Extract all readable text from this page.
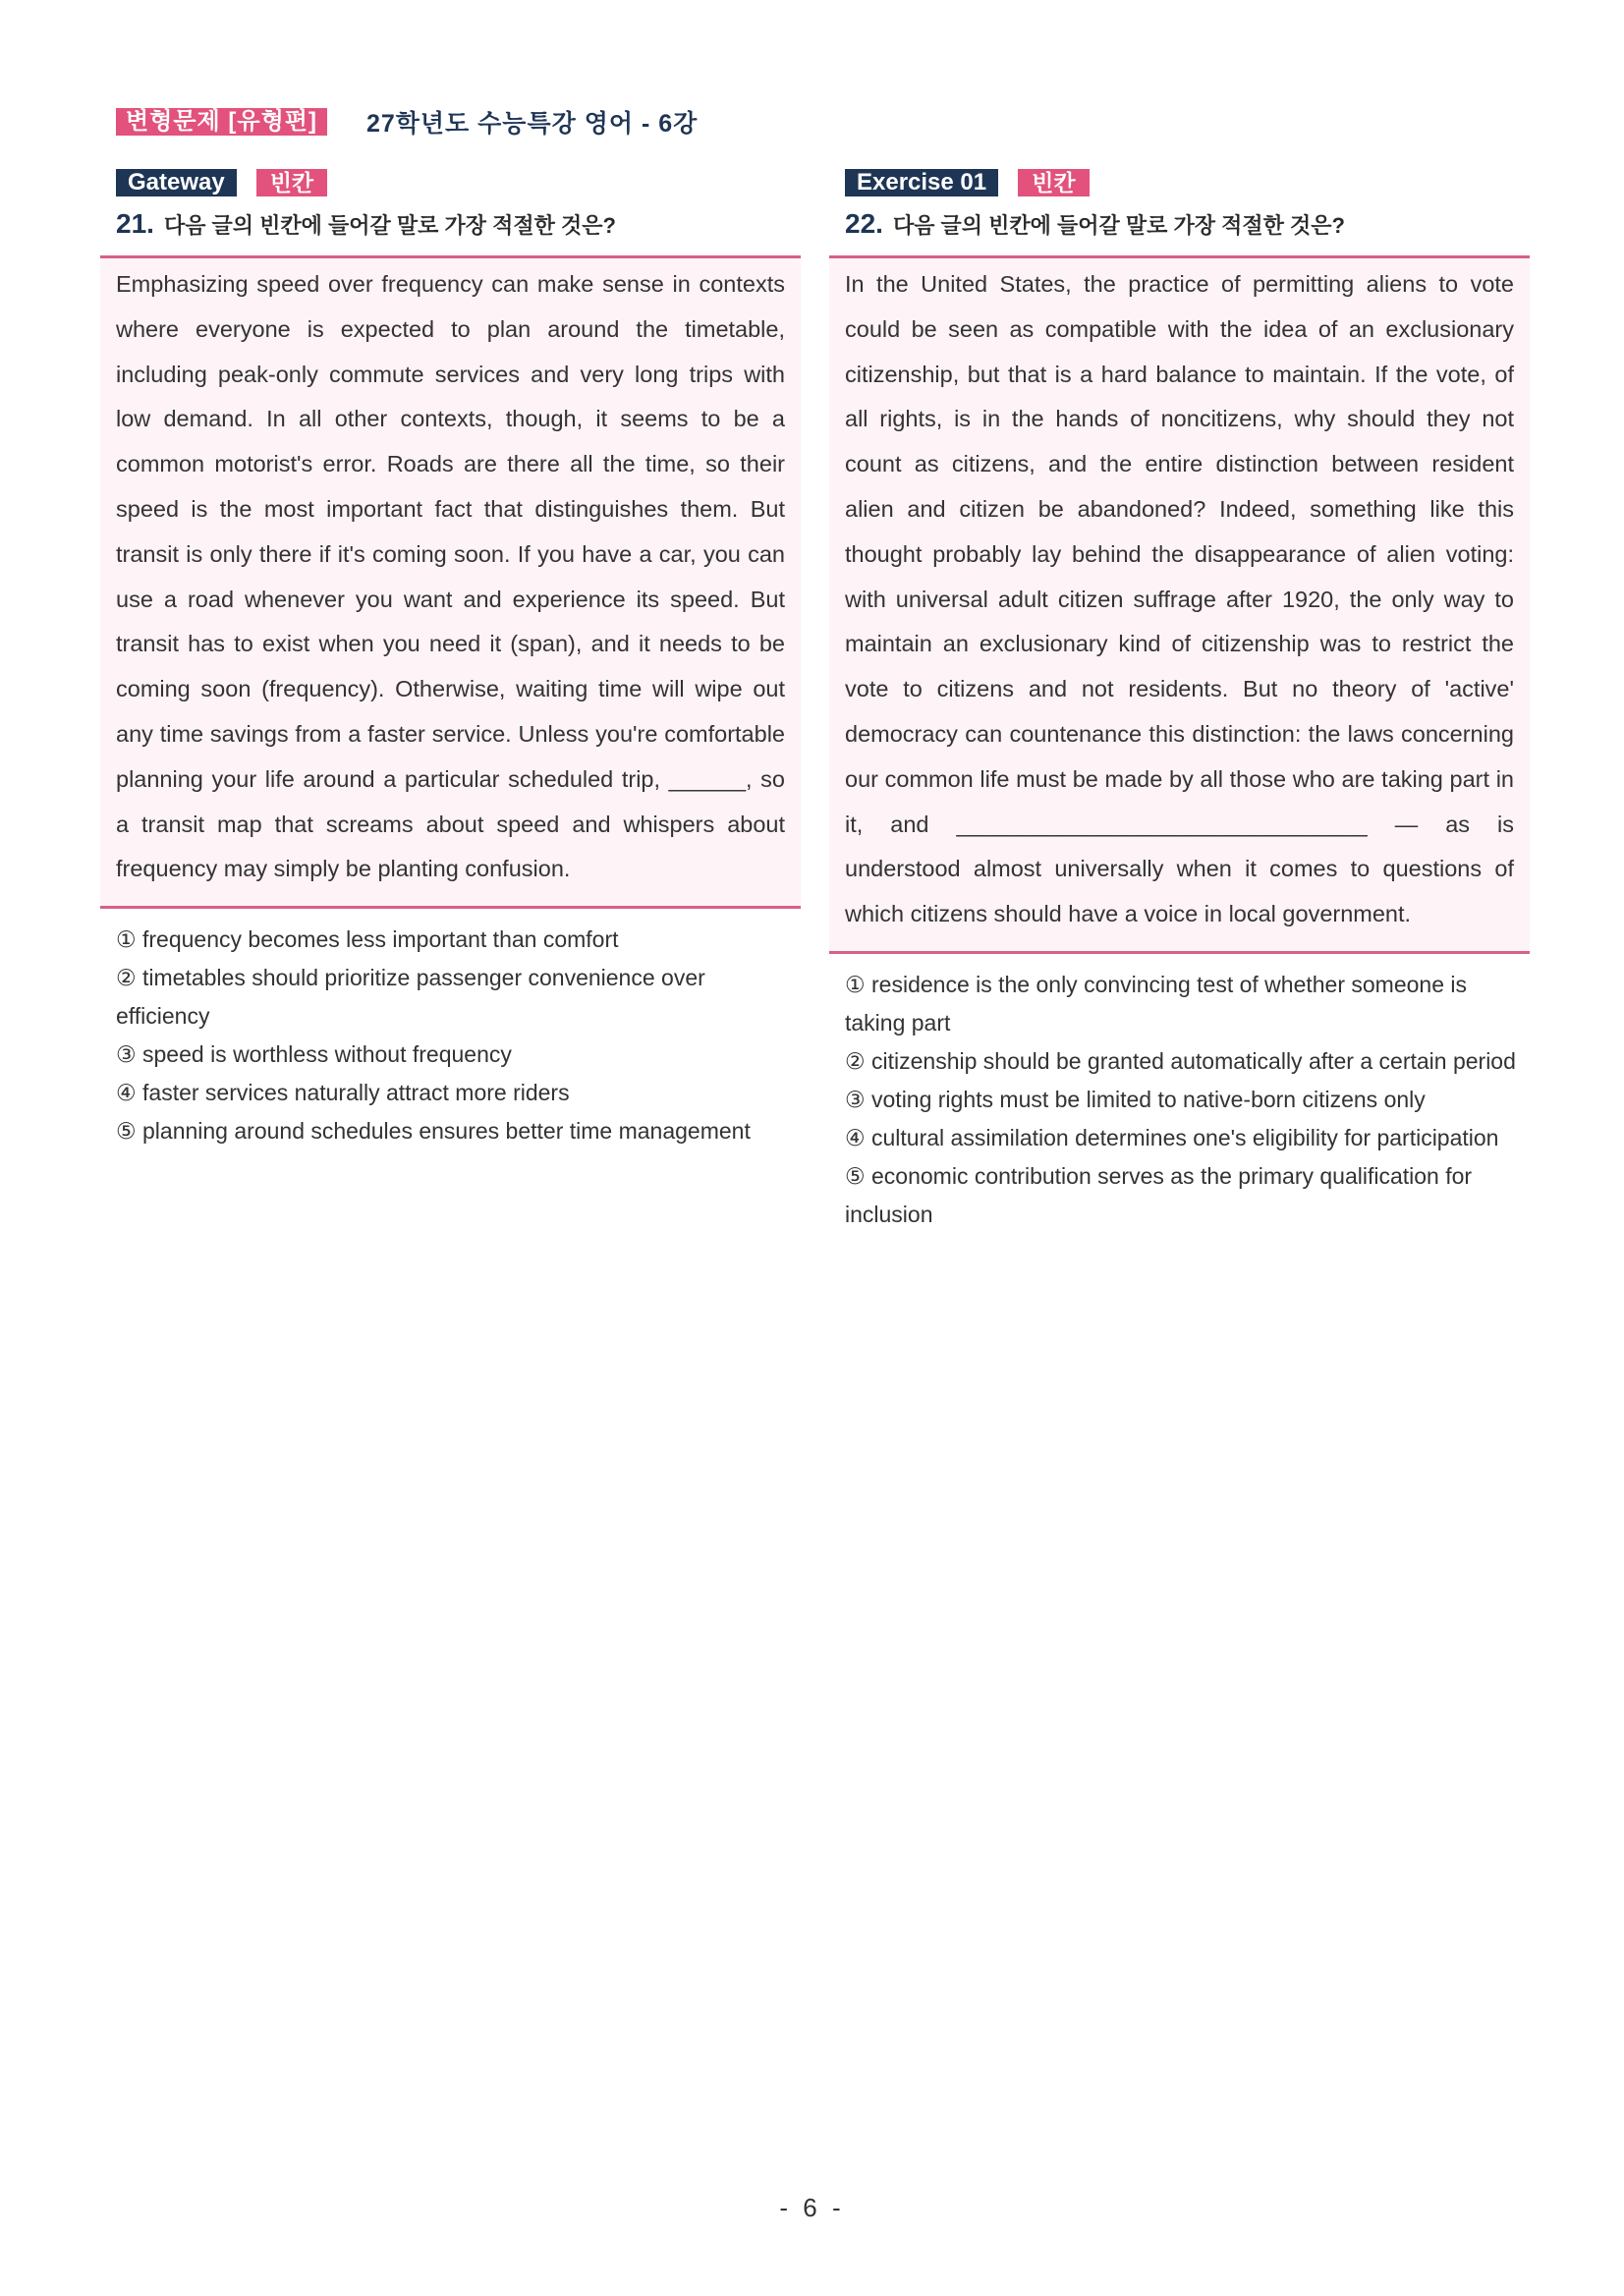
변형문제 [유형편]	27학년도 수능특강 영어 - 6강
Gateway	빈칸
21. 다음 글의 빈칸에 들어갈 말로 가장 적절한 것은?

Emphasizing speed over frequency can make sense in contexts where everyone is expected to plan around the timetable, including peak-only commute services and very long trips with low demand. In all other contexts, though, it seems to be a common motorist's error. Roads are there all the time, so their speed is the most important fact that distinguishes them. But transit is only there if it's coming soon. If you have a car, you can use a road whenever you want and experience its speed. But transit has to exist when you need it (span), and it needs to be coming soon (frequency). Otherwise, waiting time will wipe out any time savings from a faster service. Unless you're comfortable planning your life around a particular scheduled trip, ______, so a transit map that screams about speed and whispers about frequency may simply be planting confusion.

① frequency becomes less important than comfort
② timetables should prioritize passenger convenience over efficiency
③ speed is worthless without frequency
④ faster services naturally attract more riders
⑤ planning around schedules ensures better time management
Exercise 01	빈칸
22. 다음 글의 빈칸에 들어갈 말로 가장 적절한 것은?

In the United States, the practice of permitting aliens to vote could be seen as compatible with the idea of an exclusionary citizenship, but that is a hard balance to maintain. If the vote, of all rights, is in the hands of noncitizens, why should they not count as citizens, and the entire distinction between resident alien and citizen be abandoned? Indeed, something like this thought probably lay behind the disappearance of alien voting: with universal adult citizen suffrage after 1920, the only way to maintain an exclusionary kind of citizenship was to restrict the vote to citizens and not residents. But no theory of 'active' democracy can countenance this distinction: the laws concerning our common life must be made by all those who are taking part in it, and ________________________________ — as is understood almost universally when it comes to questions of which citizens should have a voice in local government.

① residence is the only convincing test of whether someone is taking part
② citizenship should be granted automatically after a certain period
③ voting rights must be limited to native-born citizens only
④ cultural assimilation determines one's eligibility for participation
⑤ economic contribution serves as the primary qualification for inclusion
- 6 -
